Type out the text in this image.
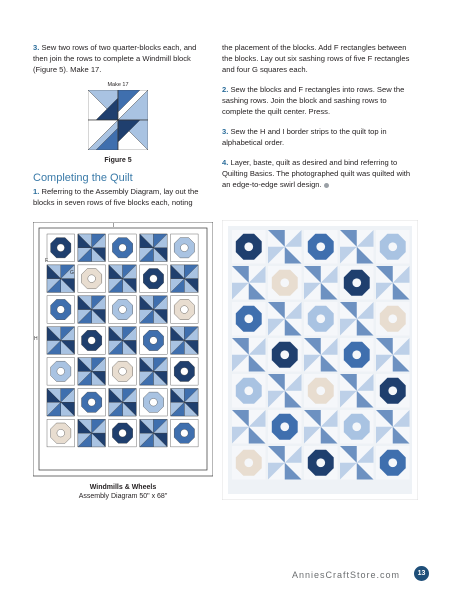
3. Sew two rows of two quarter-blocks each, and then join the rows to complete a Windmill block (Figure 5). Make 17.

Make 17
Figure 5
Completing the Quilt

1. Referring to the Assembly Diagram, lay out the blocks in seven rows of five blocks each, noting

the placement of the blocks. Add F rectangles between the blocks. Lay out six sashing rows of five F rectangles and four G squares each.

2. Sew the blocks and F rectangles into rows. Sew the sashing rows. Join the block and sashing rows to complete the quilt center. Press.

3. Sew the H and I border strips to the quilt top in alphabetical order.

4. Layer, baste, quilt as desired and bind referring to Quilting Basics. The photographed quilt was quilted with an edge-to-edge swirl design.

I
G
F
H
Windmills & Wheels
Assembly Diagram 50" x 68"
AnniesCraftStore.com	13
